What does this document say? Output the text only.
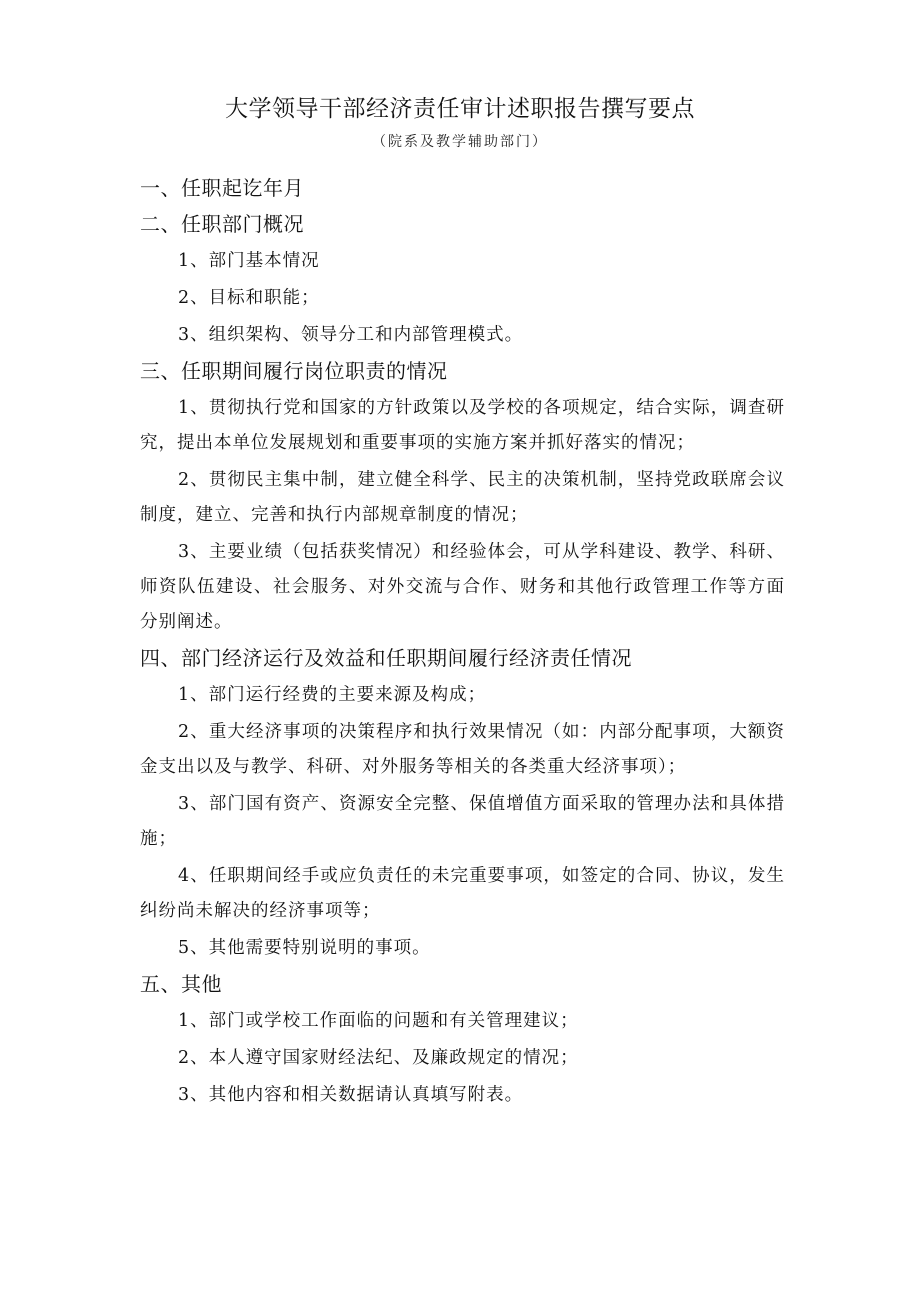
大学领导干部经济责任审计述职报告撰写要点
（院系及教学辅助部门）
一、任职起讫年月
二、任职部门概况
1、部门基本情况
2、目标和职能；
3、组织架构、领导分工和内部管理模式。
三、任职期间履行岗位职责的情况
1、贯彻执行党和国家的方针政策以及学校的各项规定，结合实际，调查研究，提出本单位发展规划和重要事项的实施方案并抓好落实的情况；
2、贯彻民主集中制，建立健全科学、民主的决策机制，坚持党政联席会议制度，建立、完善和执行内部规章制度的情况；
3、主要业绩（包括获奖情况）和经验体会，可从学科建设、教学、科研、师资队伍建设、社会服务、对外交流与合作、财务和其他行政管理工作等方面分别阐述。
四、部门经济运行及效益和任职期间履行经济责任情况
1、部门运行经费的主要来源及构成；
2、重大经济事项的决策程序和执行效果情况（如：内部分配事项，大额资金支出以及与教学、科研、对外服务等相关的各类重大经济事项）；
3、部门国有资产、资源安全完整、保值增值方面采取的管理办法和具体措施；
4、任职期间经手或应负责任的未完重要事项，如签定的合同、协议，发生纠纷尚未解决的经济事项等；
5、其他需要特别说明的事项。
五、其他
1、部门或学校工作面临的问题和有关管理建议；
2、本人遵守国家财经法纪、及廉政规定的情况；
3、其他内容和相关数据请认真填写附表。
